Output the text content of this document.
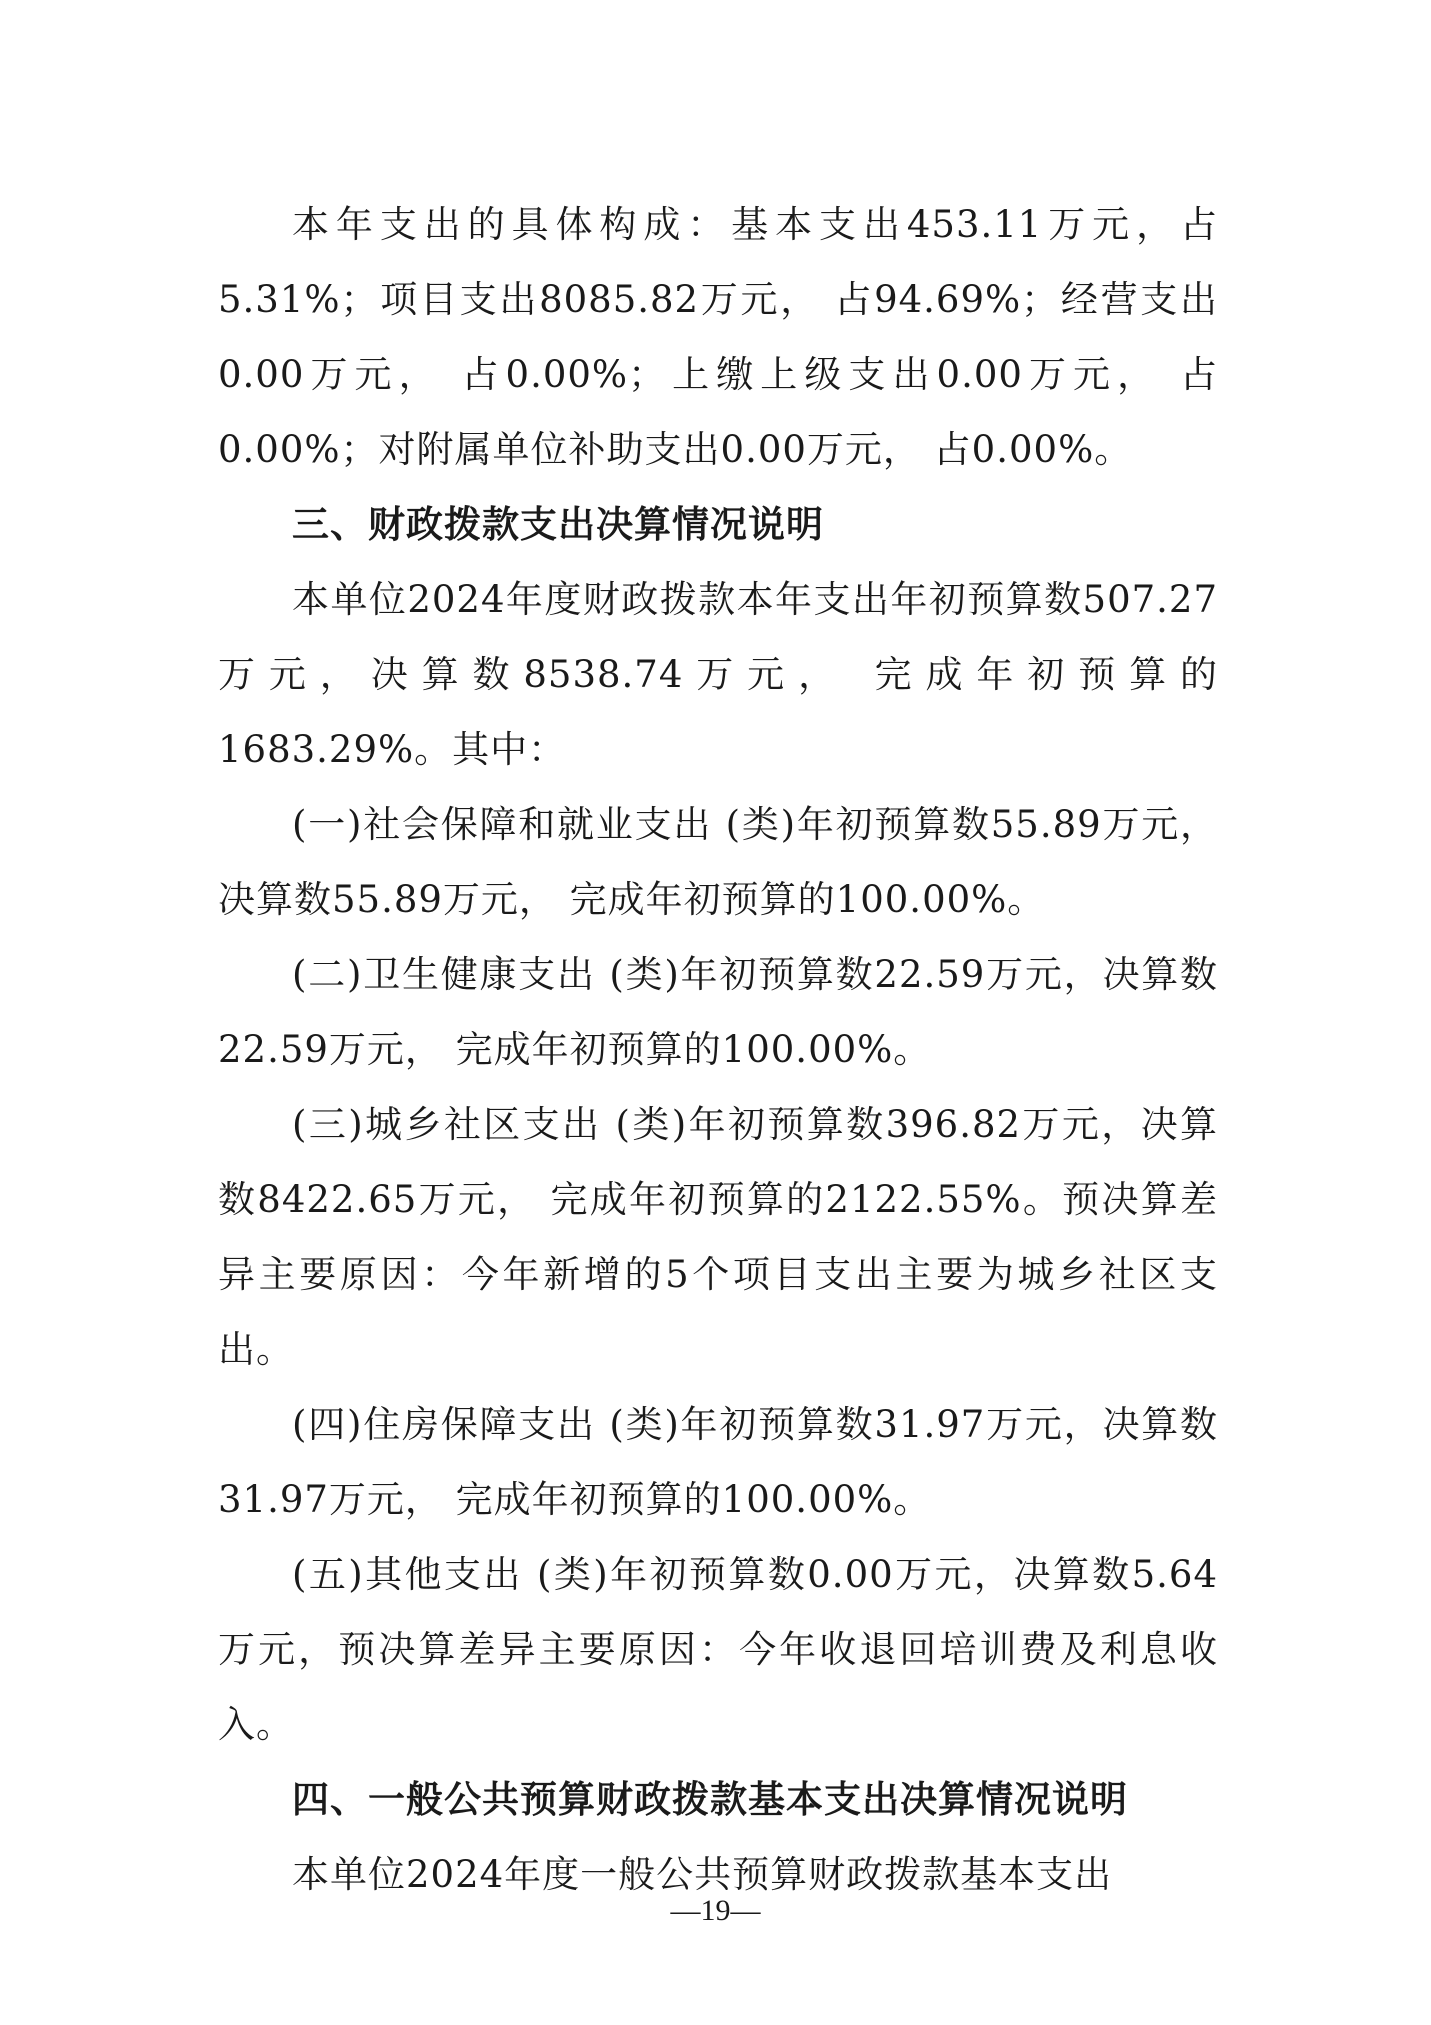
本年支出的具体构成：基本支出453.11万元，占5.31%；项目支出8085.82万元， 占94.69%；经营支出0.00万元， 占0.00%；上缴上级支出0.00万元， 占0.00%；对附属单位补助支出0.00万元， 占0.00%。

三、财政拨款支出决算情况说明

本单位2024年度财政拨款本年支出年初预算数507.27万元，决算数8538.74万元， 完成年初预算的1683.29%。其中：

(一)社会保障和就业支出 (类)年初预算数55.89万元，决算数55.89万元， 完成年初预算的100.00%。

(二)卫生健康支出 (类)年初预算数22.59万元，决算数22.59万元， 完成年初预算的100.00%。

(三)城乡社区支出 (类)年初预算数396.82万元，决算数8422.65万元， 完成年初预算的2122.55%。预决算差异主要原因：今年新增的5个项目支出主要为城乡社区支出。

(四)住房保障支出 (类)年初预算数31.97万元，决算数31.97万元， 完成年初预算的100.00%。

(五)其他支出 (类)年初预算数0.00万元，决算数5.64万元，预决算差异主要原因：今年收退回培训费及利息收入。

四、一般公共预算财政拨款基本支出决算情况说明

本单位2024年度一般公共预算财政拨款基本支出

—19—
